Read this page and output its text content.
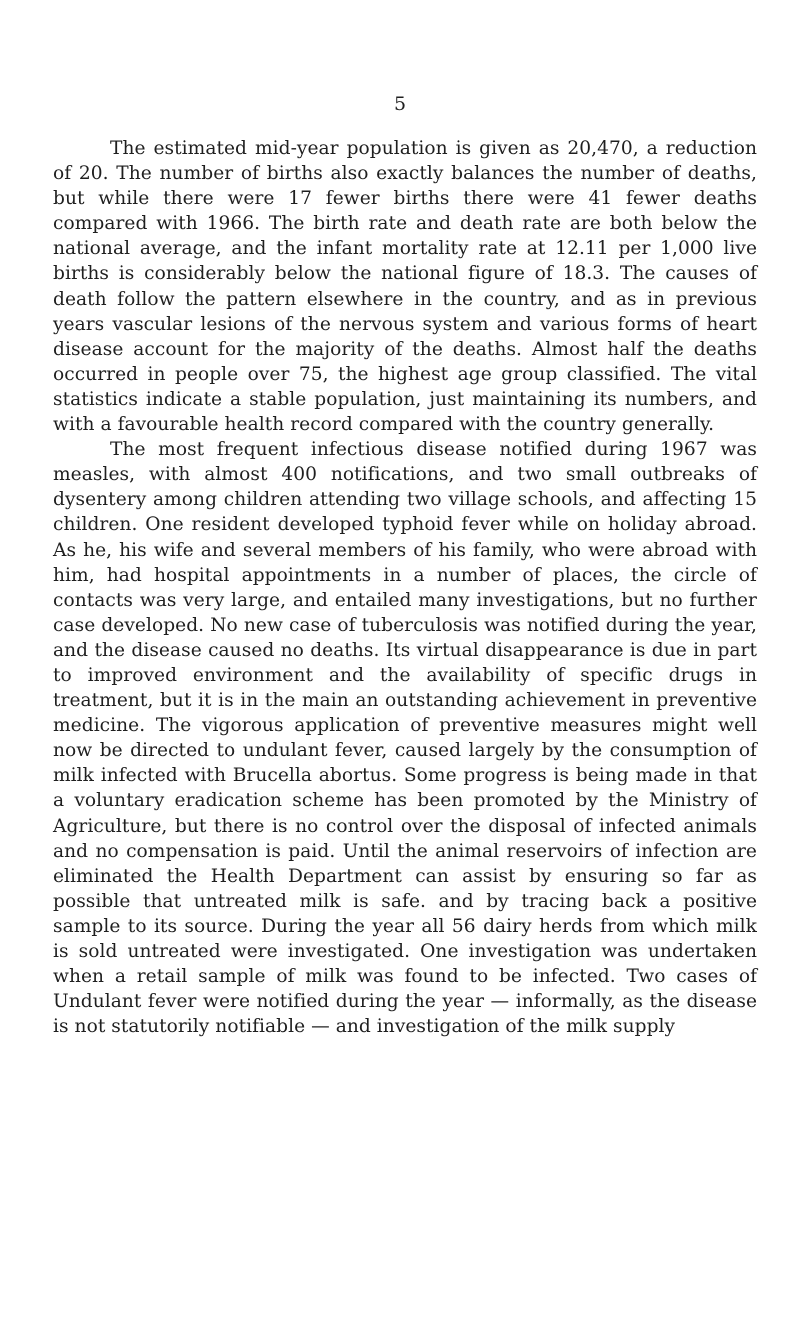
5

The estimated mid-year population is given as 20,470, a reduction of 20. The number of births also exactly balances the number of deaths, but while there were 17 fewer births there were 41 fewer deaths compared with 1966. The birth rate and death rate are both below the national average, and the infant mortality rate at 12.11 per 1,000 live births is considerably below the national figure of 18.3. The causes of death follow the pattern elsewhere in the country, and as in previous years vascular lesions of the nervous system and various forms of heart disease account for the majority of the deaths. Almost half the deaths occurred in people over 75, the highest age group classified. The vital statistics indicate a stable population, just maintaining its numbers, and with a favourable health record compared with the country generally.

The most frequent infectious disease notified during 1967 was measles, with almost 400 notifications, and two small outbreaks of dysentery among children attending two village schools, and affecting 15 children. One resident developed typhoid fever while on holiday abroad. As he, his wife and several members of his family, who were abroad with him, had hospital appointments in a number of places, the circle of contacts was very large, and entailed many investigations, but no further case developed. No new case of tuberculosis was notified during the year, and the disease caused no deaths. Its virtual disappearance is due in part to improved environment and the availability of specific drugs in treatment, but it is in the main an outstanding achievement in preventive medicine. The vigorous application of preventive measures might well now be directed to undulant fever, caused largely by the consumption of milk infected with Brucella abortus. Some progress is being made in that a voluntary eradication scheme has been promoted by the Ministry of Agriculture, but there is no control over the disposal of infected animals and no compensation is paid. Until the animal reservoirs of infection are eliminated the Health Department can assist by ensuring so far as possible that untreated milk is safe. and by tracing back a positive sample to its source. During the year all 56 dairy herds from which milk is sold untreated were investigated. One investigation was undertaken when a retail sample of milk was found to be infected. Two cases of Undulant fever were notified during the year — informally, as the disease is not statutorily notifiable — and investigation of the milk supply
